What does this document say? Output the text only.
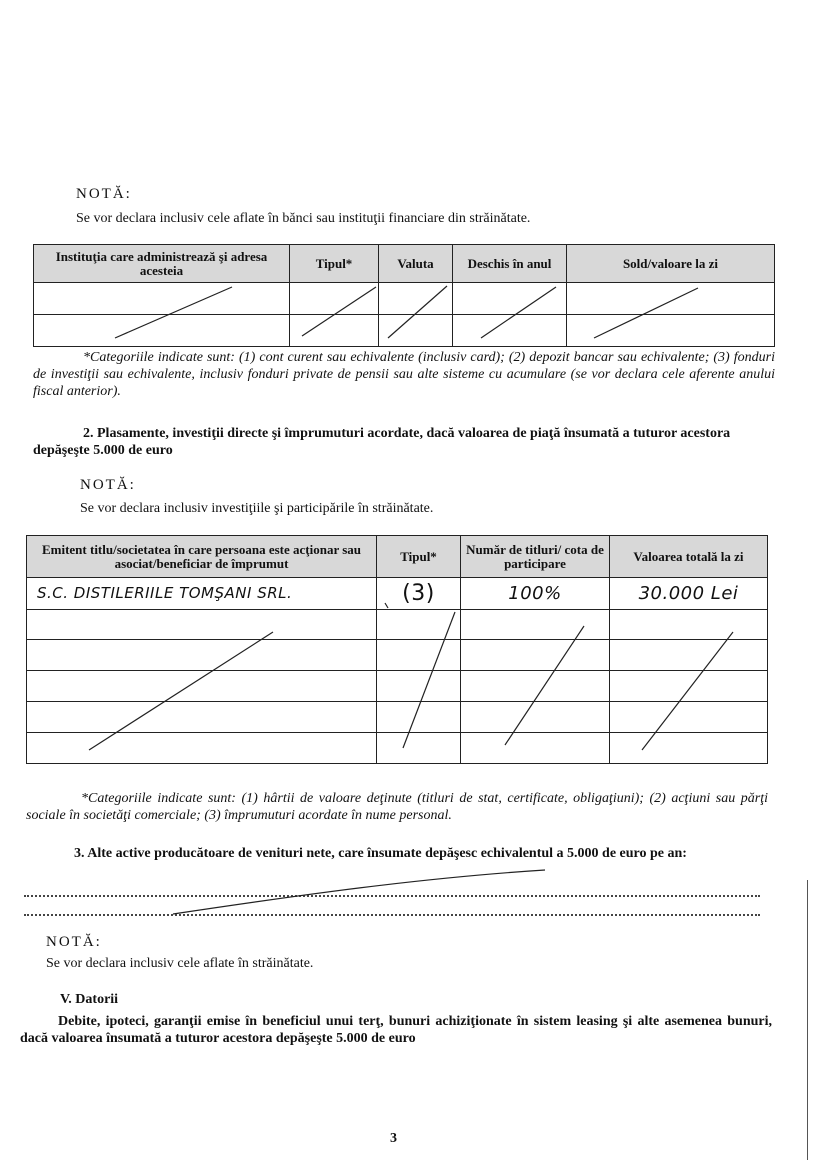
NOTĂ:
Se vor declara inclusiv cele aflate în bănci sau instituţii financiare din străinătate.
Instituţia care administrează şi adresa acesteia	Tipul*	Valuta	Deschis în anul	Sold/valoare la zi

*Categoriile indicate sunt: (1) cont curent sau echivalente (inclusiv card); (2) depozit bancar sau echivalente; (3) fonduri de investiţii sau echivalente, inclusiv fonduri private de pensii sau alte sisteme cu acumulare (se vor declara cele aferente anului fiscal anterior).
2. Plasamente, investiţii directe şi împrumuturi acordate, dacă valoarea de piaţă însumată a tuturor acestora depăşeşte 5.000 de euro
NOTĂ:
Se vor declara inclusiv investiţiile şi participările în străinătate.
Emitent titlu/societatea în care persoana este acţionar sau asociat/beneficiar de împrumut	Tipul*	Număr de titluri/ cota de participare	Valoarea totală la zi
S.C. DISTILERIILE TOMŞANI SRL.	(3)	100%	30.000 Lei

*Categoriile indicate sunt: (1) hârtii de valoare deţinute (titluri de stat, certificate, obligaţiuni); (2) acţiuni sau părţi sociale în societăţi comerciale; (3) împrumuturi acordate în nume personal.
3. Alte active producătoare de venituri nete, care însumate depăşesc echivalentul a 5.000 de euro pe an:
NOTĂ:
Se vor declara inclusiv cele aflate în străinătate.
V. Datorii
Debite, ipoteci, garanţii emise în beneficiul unui terţ, bunuri achiziţionate în sistem leasing şi alte asemenea bunuri, dacă valoarea însumată a tuturor acestora depăşeşte 5.000 de euro
3
